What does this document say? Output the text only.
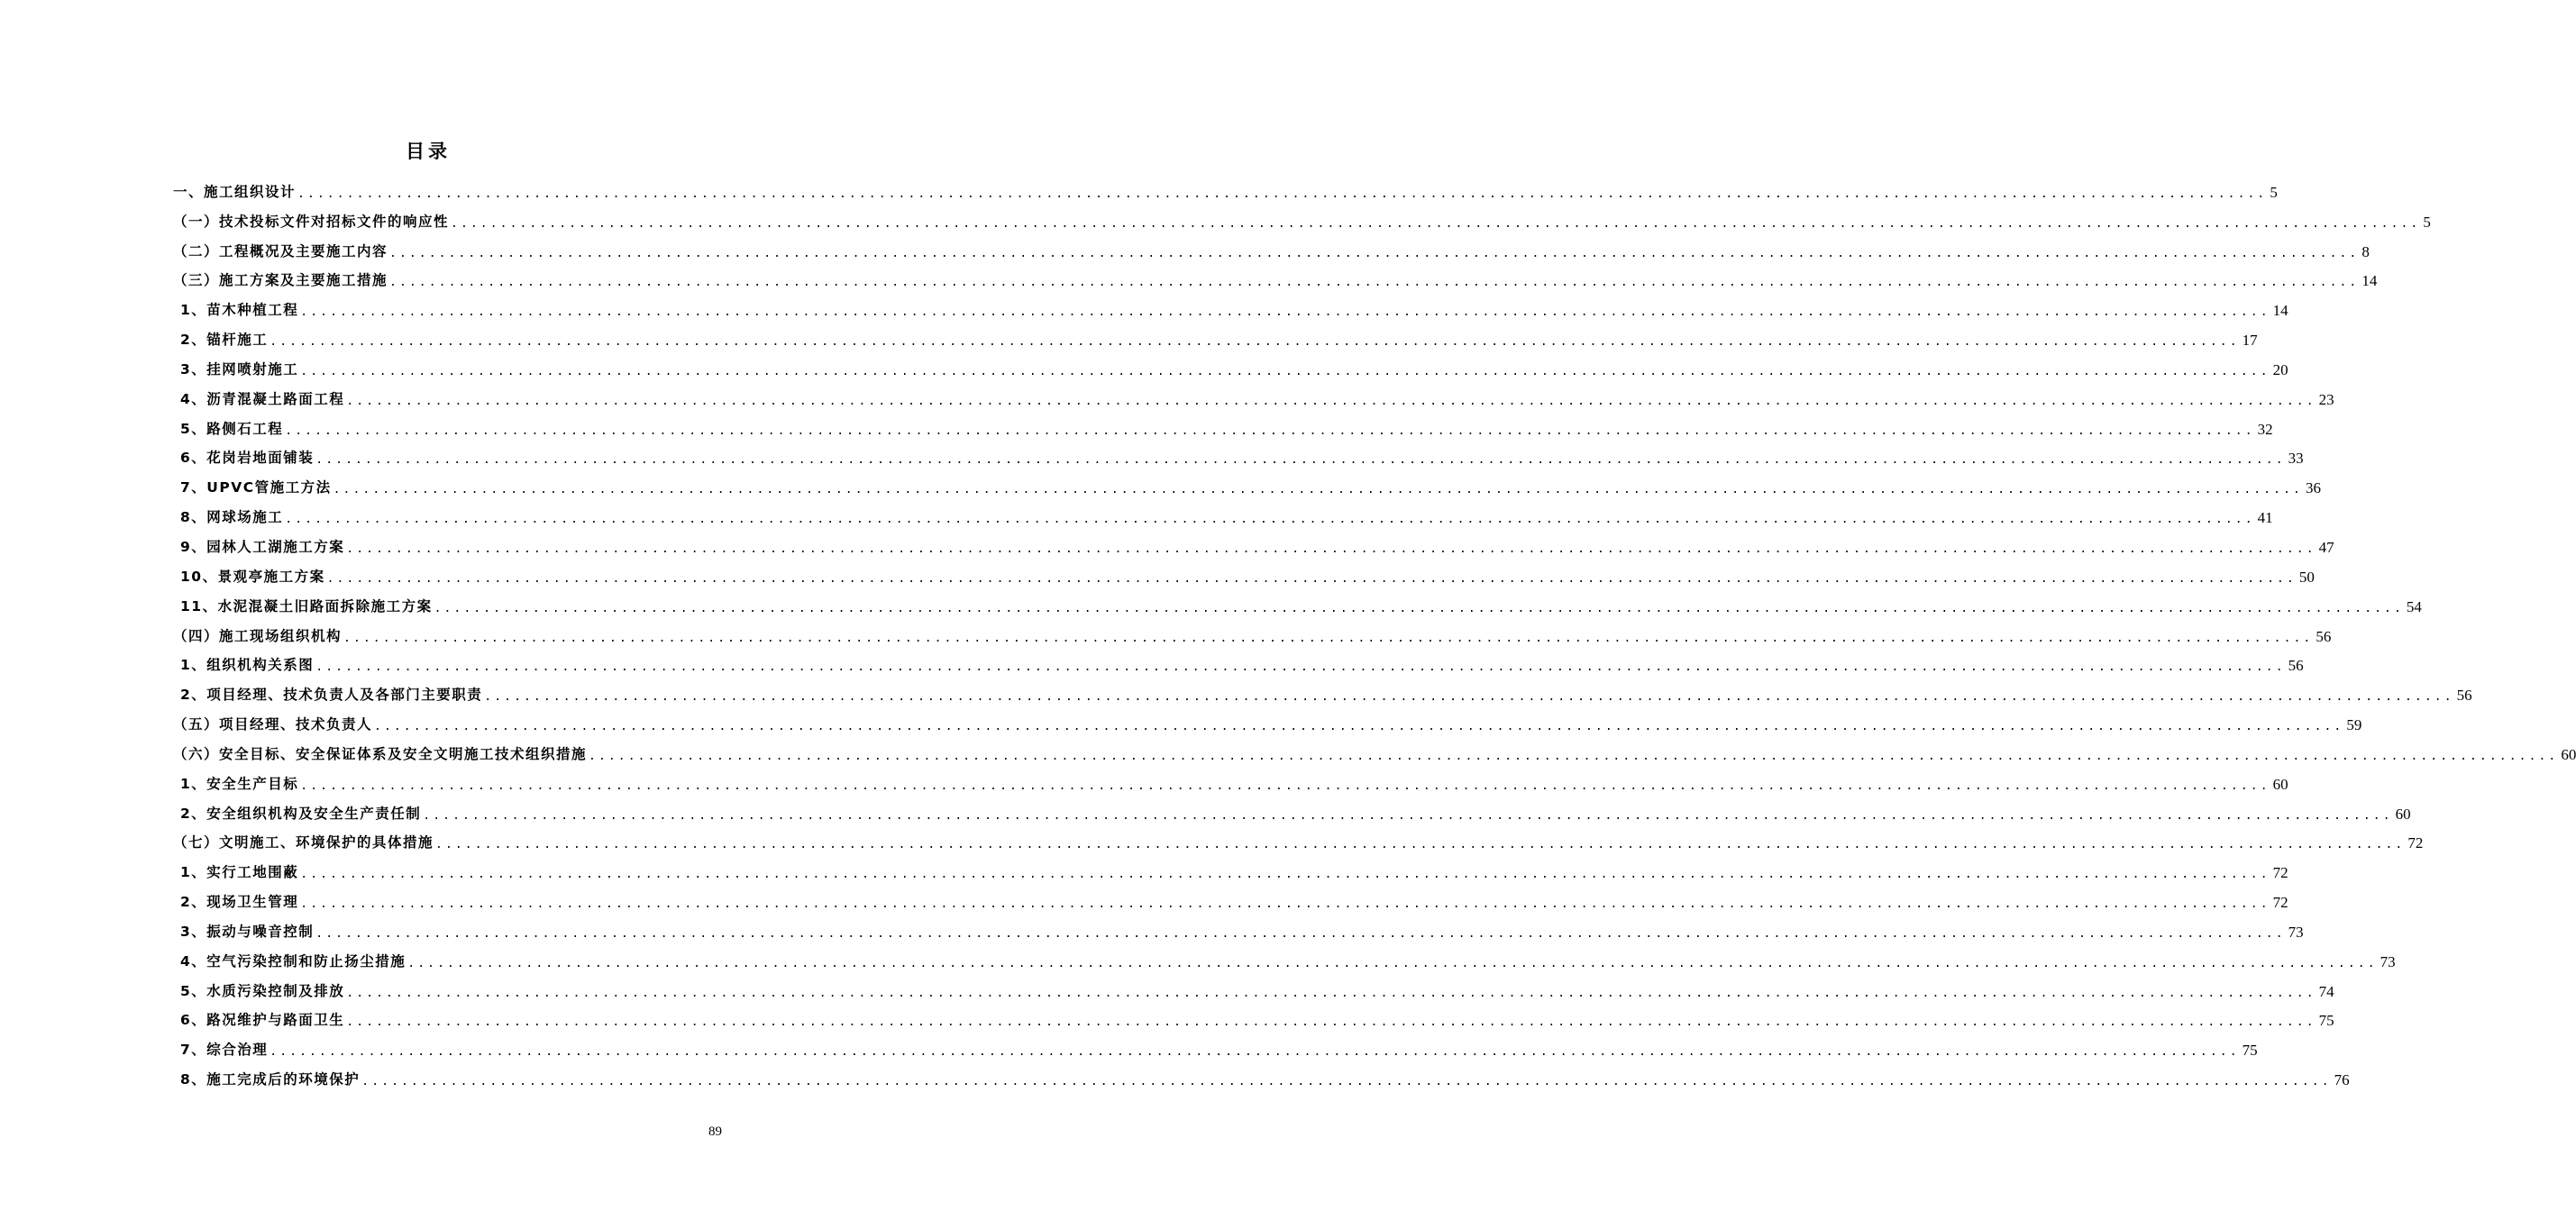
目录
一、施工组织设计 ........................................................................................................................................................................................................ 5
（一）技术投标文件对招标文件的响应性 ........................................................................................................................................................................................................ 5
（二）工程概况及主要施工内容 ........................................................................................................................................................................................................ 8
（三）施工方案及主要施工措施 ........................................................................................................................................................................................................ 14
1、苗木种植工程 ........................................................................................................................................................................................................ 14
2、锚杆施工 ........................................................................................................................................................................................................ 17
3、挂网喷射施工 ........................................................................................................................................................................................................ 20
4、沥青混凝土路面工程 ........................................................................................................................................................................................................ 23
5、路侧石工程 ........................................................................................................................................................................................................ 32
6、花岗岩地面铺装 ........................................................................................................................................................................................................ 33
7、UPVC管施工方法 ........................................................................................................................................................................................................ 36
8、网球场施工 ........................................................................................................................................................................................................ 41
9、园林人工湖施工方案 ........................................................................................................................................................................................................ 47
10、景观亭施工方案 ........................................................................................................................................................................................................ 50
11、水泥混凝土旧路面拆除施工方案 ........................................................................................................................................................................................................ 54
（四）施工现场组织机构 ........................................................................................................................................................................................................ 56
1、组织机构关系图 ........................................................................................................................................................................................................ 56
2、项目经理、技术负责人及各部门主要职责 ........................................................................................................................................................................................................ 56
（五）项目经理、技术负责人 ........................................................................................................................................................................................................ 59
（六）安全目标、安全保证体系及安全文明施工技术组织措施 ........................................................................................................................................................................................................ 60
1、安全生产目标 ........................................................................................................................................................................................................ 60
2、安全组织机构及安全生产责任制 ........................................................................................................................................................................................................ 60
（七）文明施工、环境保护的具体措施 ........................................................................................................................................................................................................ 72
1、实行工地围蔽 ........................................................................................................................................................................................................ 72
2、现场卫生管理 ........................................................................................................................................................................................................ 72
3、振动与噪音控制 ........................................................................................................................................................................................................ 73
4、空气污染控制和防止扬尘措施 ........................................................................................................................................................................................................ 73
5、水质污染控制及排放 ........................................................................................................................................................................................................ 74
6、路况维护与路面卫生 ........................................................................................................................................................................................................ 75
7、综合治理 ........................................................................................................................................................................................................ 75
8、施工完成后的环境保护 ........................................................................................................................................................................................................ 76
89
